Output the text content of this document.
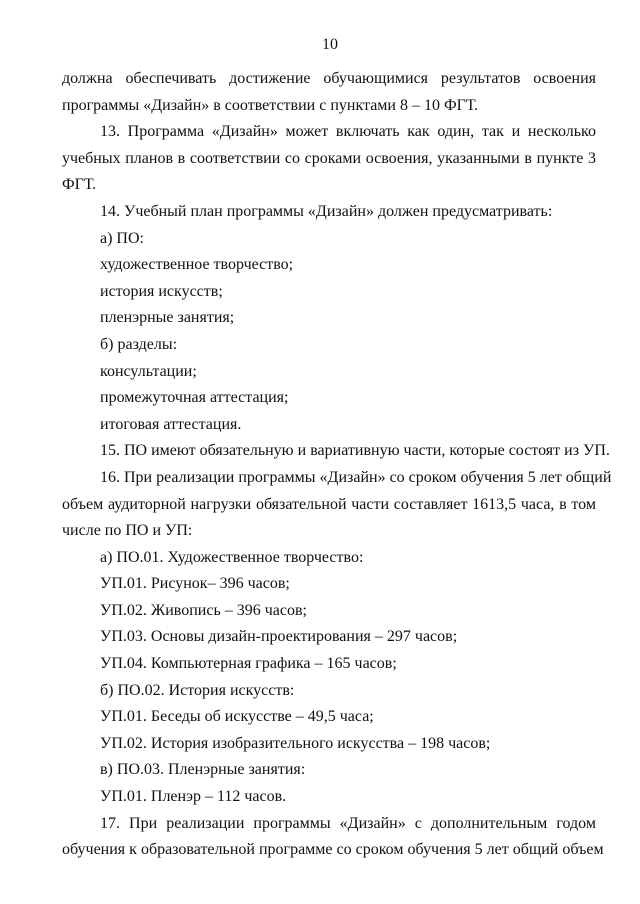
10
должна обеспечивать достижение обучающимися результатов освоения
программы «Дизайн» в соответствии с пунктами 8 – 10 ФГТ.
13. Программа «Дизайн» может включать как один, так и несколько
учебных планов в соответствии со сроками освоения, указанными в пункте 3
ФГТ.
14. Учебный план программы «Дизайн» должен предусматривать:
а) ПО:
художественное творчество;
история искусств;
пленэрные занятия;
б) разделы:
консультации;
промежуточная аттестация;
итоговая аттестация.
15. ПО имеют обязательную и вариативную части, которые состоят из УП.
16. При реализации программы «Дизайн» со сроком обучения 5 лет общий
объем аудиторной нагрузки обязательной части составляет 1613,5 часа, в том
числе по ПО и УП:
а) ПО.01. Художественное творчество:
УП.01. Рисунок– 396 часов;
УП.02. Живопись – 396 часов;
УП.03. Основы дизайн-проектирования – 297 часов;
УП.04. Компьютерная графика – 165 часов;
б) ПО.02. История искусств:
УП.01. Беседы об искусстве – 49,5 часа;
УП.02. История изобразительного искусства – 198 часов;
в) ПО.03. Пленэрные занятия:
УП.01. Пленэр – 112 часов.
17. При реализации программы «Дизайн» с дополнительным годом
обучения к образовательной программе со сроком обучения 5 лет общий объем
